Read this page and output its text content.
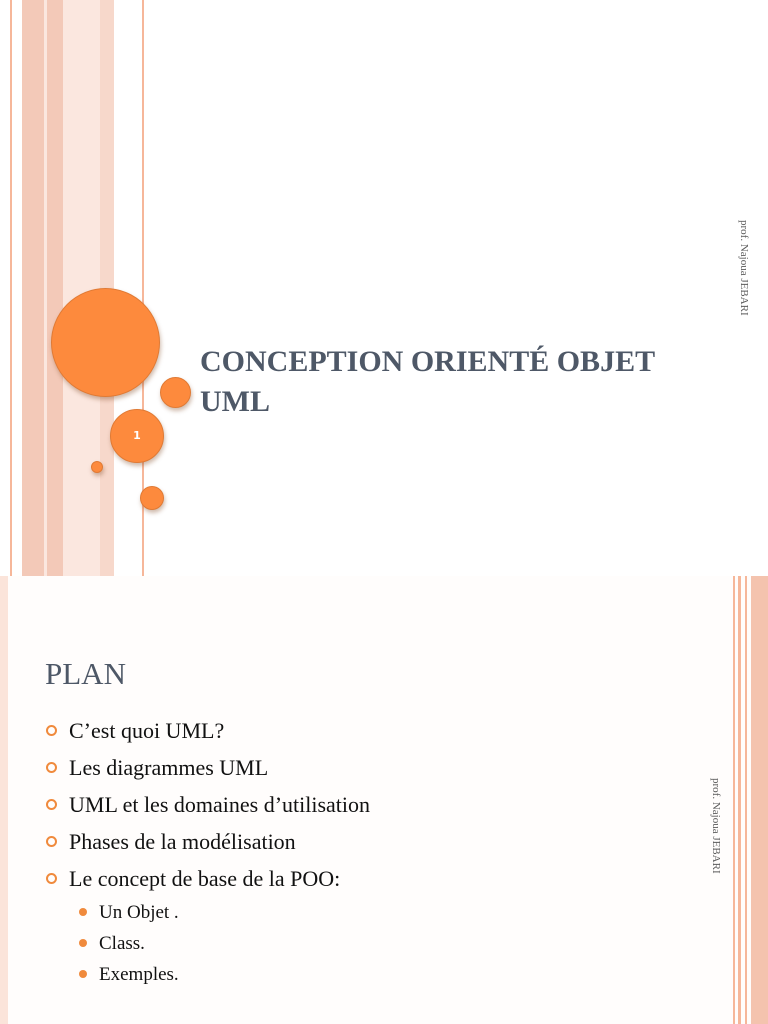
1
CONCEPTION ORIENTÉ OBJET
UML
prof. Najoua JEBARI
PLAN
C’est quoi UML?
Les diagrammes UML
UML et les domaines d’utilisation
Phases de la modélisation
Le concept de base de la POO:
Un Objet .
Class.
Exemples.
prof. Najoua JEBARI
